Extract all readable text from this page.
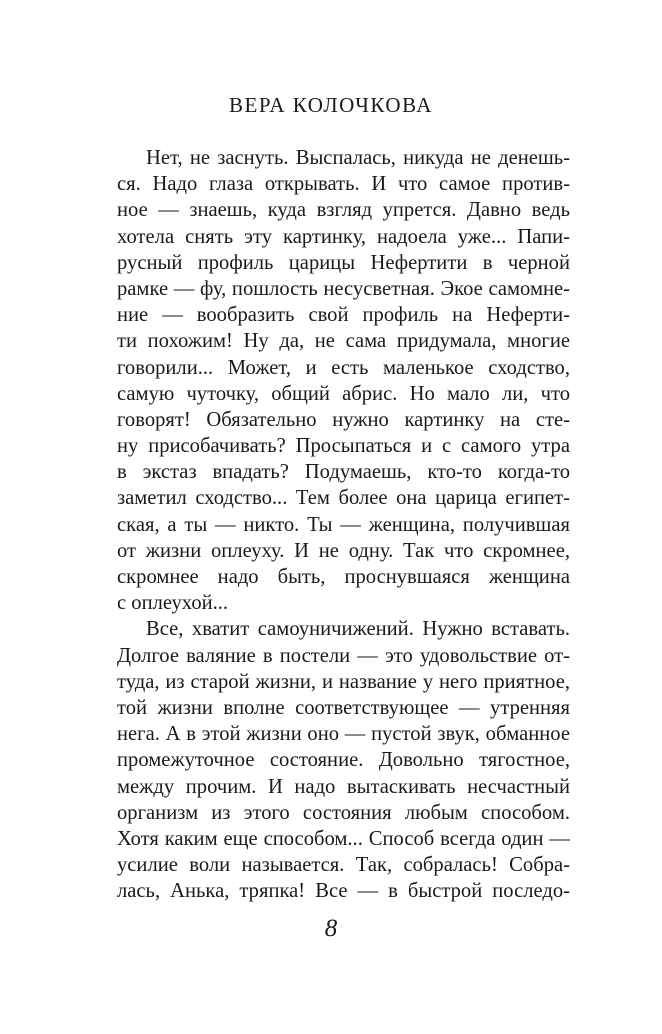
ВЕРА КОЛОЧКОВА
Нет, не заснуть. Выспалась, никуда не денешь-
ся. Надо глаза открывать. И что самое против-
ное — знаешь, куда взгляд упрется. Давно ведь
хотела снять эту картинку, надоела уже... Папи-
русный профиль царицы Нефертити в черной
рамке — фу, пошлость несусветная. Экое самомне-
ние — вообразить свой профиль на Неферти-
ти похожим! Ну да, не сама придумала, многие
говорили... Может, и есть маленькое сходство,
самую чуточку, общий абрис. Но мало ли, что
говорят! Обязательно нужно картинку на сте-
ну присобачивать? Просыпаться и с самого утра
в экстаз впадать? Подумаешь, кто-то когда-то
заметил сходство... Тем более она царица египет-
ская, а ты — никто. Ты — женщина, получившая
от жизни оплеуху. И не одну. Так что скромнее,
скромнее надо быть, проснувшаяся женщина
с оплеухой...
Все, хватит самоуничижений. Нужно вставать.
Долгое валяние в постели — это удовольствие от-
туда, из старой жизни, и название у него приятное,
той жизни вполне соответствующее — утренняя
нега. А в этой жизни оно — пустой звук, обманное
промежуточное состояние. Довольно тягостное,
между прочим. И надо вытаскивать несчастный
организм из этого состояния любым способом.
Хотя каким еще способом... Способ всегда один —
усилие воли называется. Так, собралась! Собра-
лась, Анька, тряпка! Все — в быстрой последо-
8
